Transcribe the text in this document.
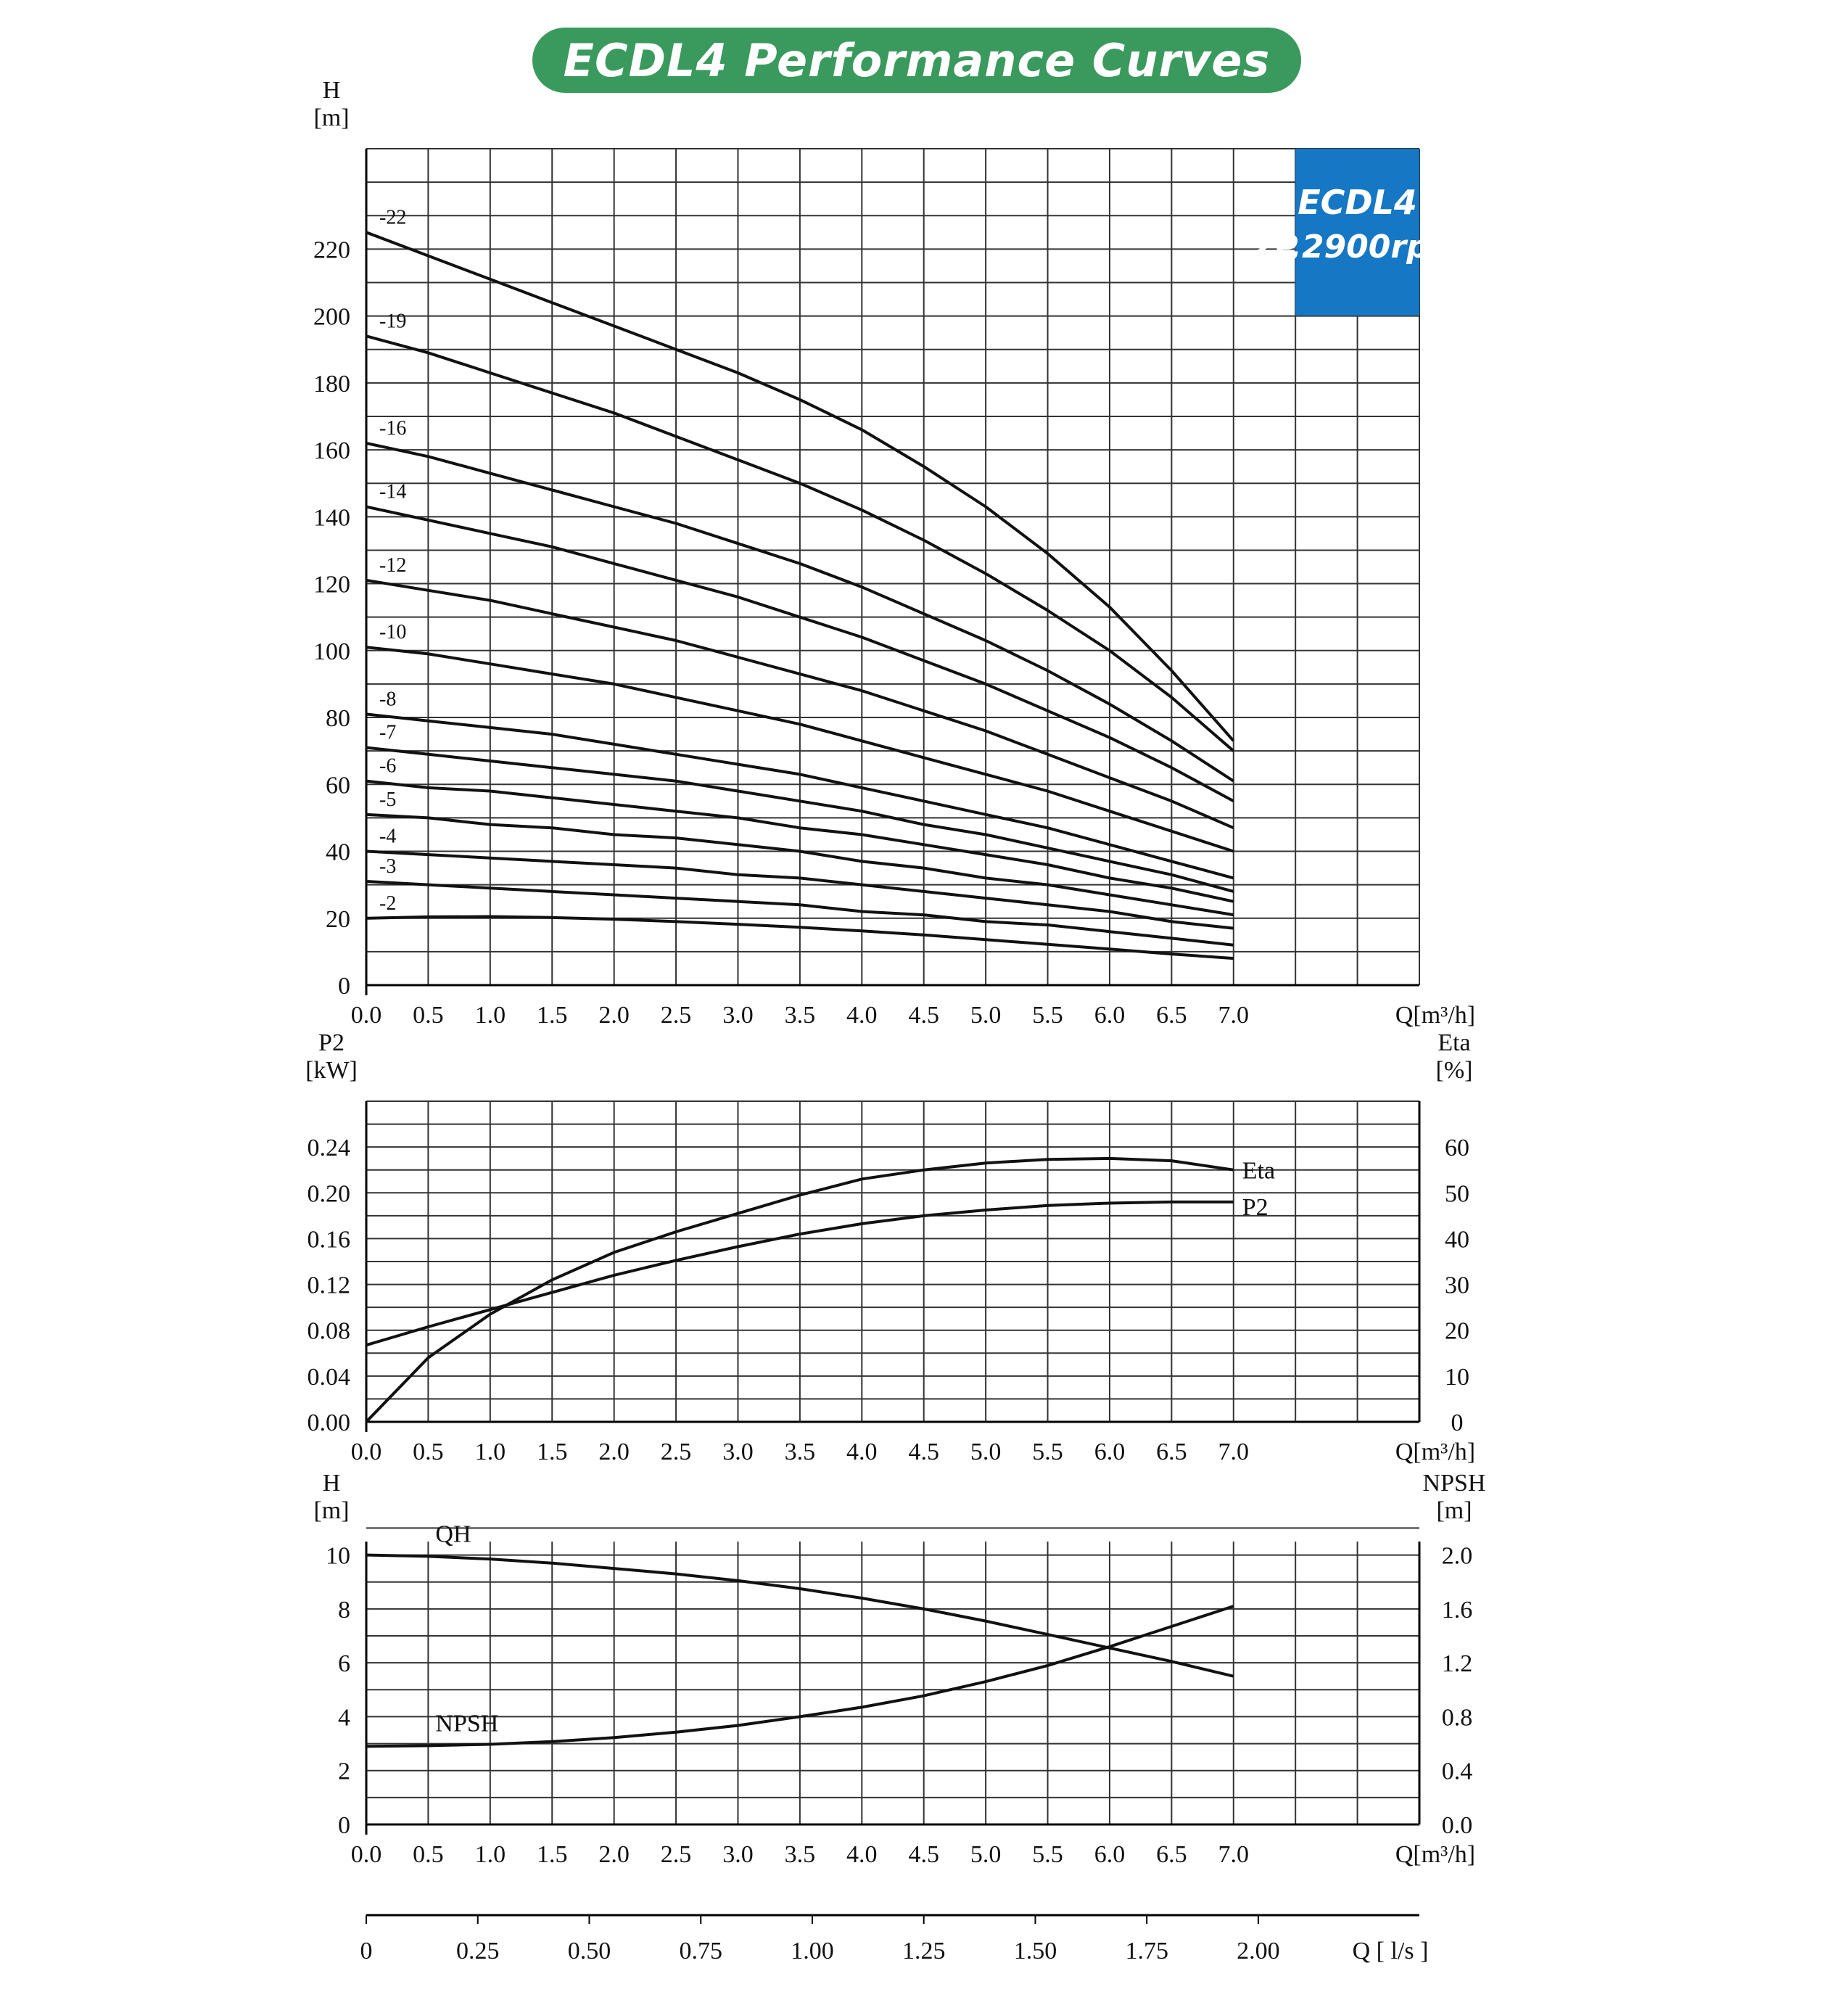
ECDL4 Performance Curves
0.0 0.5 1.0 1.5 2.0 2.5 3.0 3.5 4.0 4.5 5.0 5.5 6.0 6.5 7.0	Q[m³/h]
0
20
40
60
80
100
120
140
160
180
200
220
H
[m]
-22
-19
-16
-14
-12
-10
-8
-7
-6
-5
-4
-3
-2
0.0 0.5 1.0 1.5 2.0 2.5 3.0 3.5 4.0 4.5 5.0 5.5 6.0 6.5 7.0	Q[m³/h]
0.00
0.04
0.08
0.12
0.16
0.20
0.24
P2
[kW]
0
10
20
30
40
50
60
Eta
[%]
Eta
P2
0.0 0.5 1.0 1.5 2.0 2.5 3.0 3.5 4.0 4.5 5.0 5.5 6.0 6.5 7.0	Q[m³/h]
0
2
4
6
8
10
H
[m]
0.0
0.4
0.8
1.2
1.6
2.0
NPSH
[m]
QH
NPSH
0	0.25	0.50	0.75	1.00	1.25	1.50	1.75	2.00	Q [ l/s ]
ECDL4
2P,2900rpm
